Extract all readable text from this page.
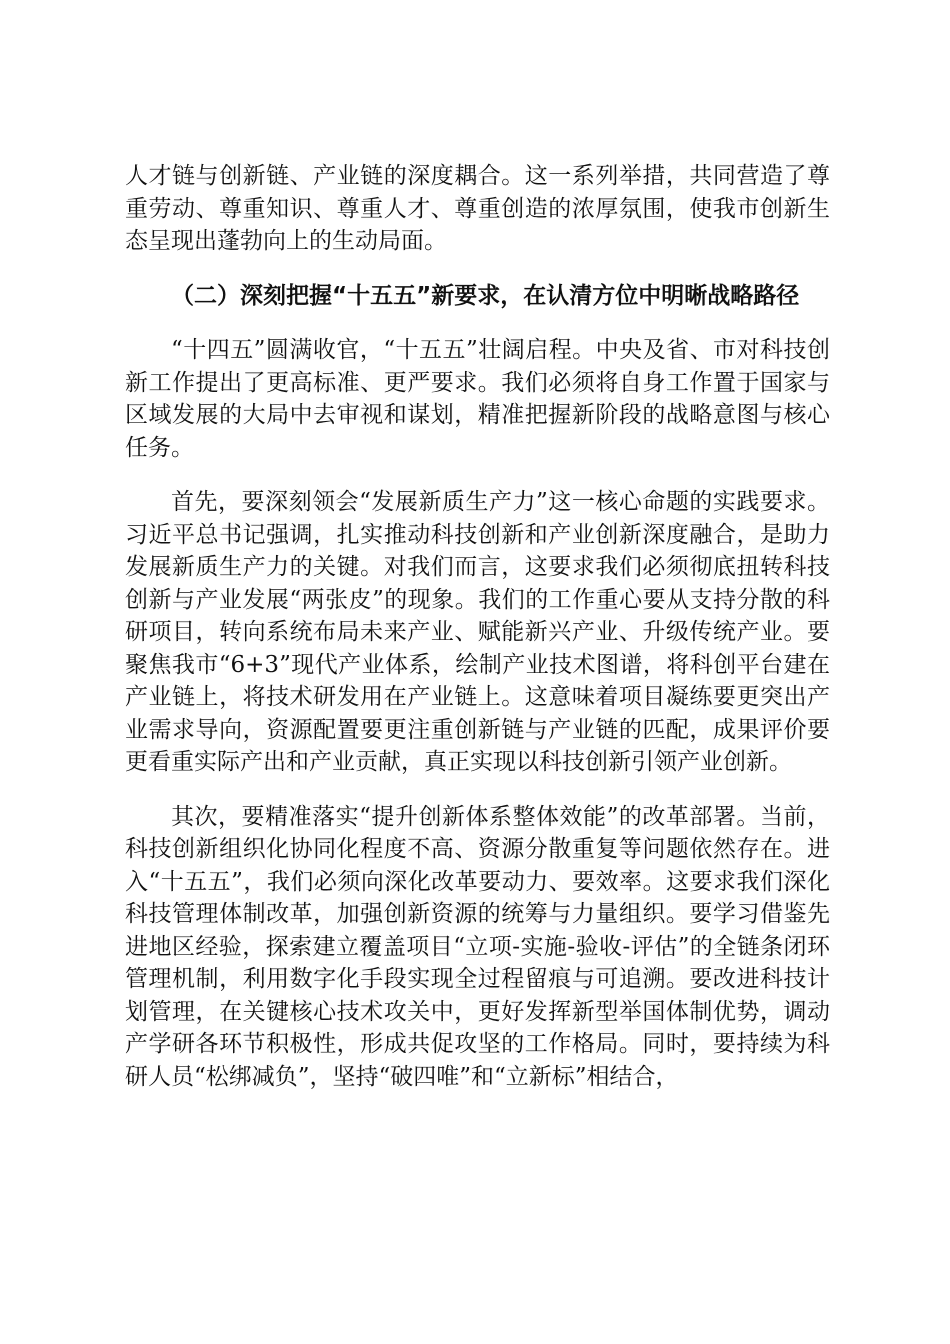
人才链与创新链、产业链的深度耦合。这一系列举措，共同营造了尊重劳动、尊重知识、尊重人才、尊重创造的浓厚氛围，使我市创新生态呈现出蓬勃向上的生动局面。

（二）深刻把握“十五五”新要求，在认清方位中明晰战略路径

“十四五”圆满收官，“十五五”壮阔启程。中央及省、市对科技创新工作提出了更高标准、更严要求。我们必须将自身工作置于国家与区域发展的大局中去审视和谋划，精准把握新阶段的战略意图与核心任务。

首先，要深刻领会“发展新质生产力”这一核心命题的实践要求。习近平总书记强调，扎实推动科技创新和产业创新深度融合，是助力发展新质生产力的关键。对我们而言，这要求我们必须彻底扭转科技创新与产业发展“两张皮”的现象。我们的工作重心要从支持分散的科研项目，转向系统布局未来产业、赋能新兴产业、升级传统产业。要聚焦我市“6+3”现代产业体系，绘制产业技术图谱，将科创平台建在产业链上，将技术研发用在产业链上。这意味着项目凝练要更突出产业需求导向，资源配置要更注重创新链与产业链的匹配，成果评价要更看重实际产出和产业贡献，真正实现以科技创新引领产业创新。

其次，要精准落实“提升创新体系整体效能”的改革部署。当前，科技创新组织化协同化程度不高、资源分散重复等问题依然存在。进入“十五五”，我们必须向深化改革要动力、要效率。这要求我们深化科技管理体制改革，加强创新资源的统筹与力量组织。要学习借鉴先进地区经验，探索建立覆盖项目“立项-实施-验收-评估”的全链条闭环管理机制，利用数字化手段实现全过程留痕与可追溯。要改进科技计划管理，在关键核心技术攻关中，更好发挥新型举国体制优势，调动产学研各环节积极性，形成共促攻坚的工作格局。同时，要持续为科研人员“松绑减负”，坚持“破四唯”和“立新标”相结合，
